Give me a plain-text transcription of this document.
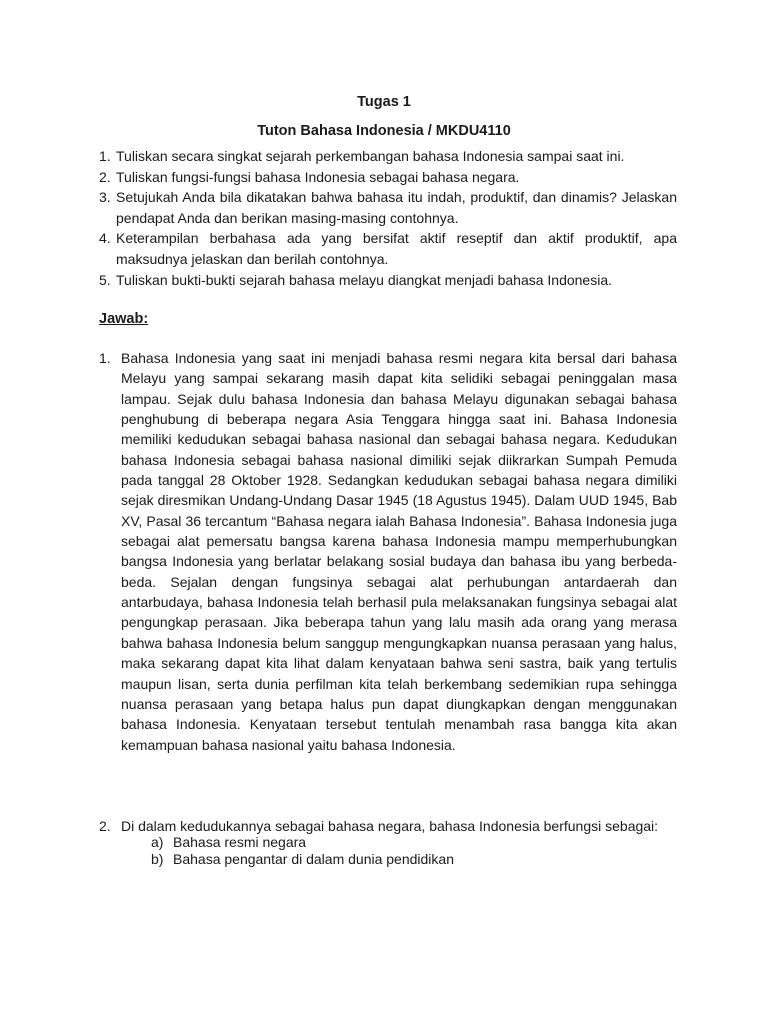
Tugas 1
Tuton Bahasa Indonesia / MKDU4110
1. Tuliskan secara singkat sejarah perkembangan bahasa Indonesia sampai saat ini.
2. Tuliskan fungsi-fungsi bahasa Indonesia sebagai bahasa negara.
3. Setujukah Anda bila dikatakan bahwa bahasa itu indah, produktif, dan dinamis? Jelaskan pendapat Anda dan berikan masing-masing contohnya.
4. Keterampilan berbahasa ada yang bersifat aktif reseptif dan aktif produktif, apa maksudnya jelaskan dan berilah contohnya.
5. Tuliskan bukti-bukti sejarah bahasa melayu diangkat menjadi bahasa Indonesia.
Jawab:
1. Bahasa Indonesia yang saat ini menjadi bahasa resmi negara kita bersal dari bahasa Melayu yang sampai sekarang masih dapat kita selidiki sebagai peninggalan masa lampau. Sejak dulu bahasa Indonesia dan bahasa Melayu digunakan sebagai bahasa penghubung di beberapa negara Asia Tenggara hingga saat ini. Bahasa Indonesia memiliki kedudukan sebagai bahasa nasional dan sebagai bahasa negara. Kedudukan bahasa Indonesia sebagai bahasa nasional dimiliki sejak diikrarkan Sumpah Pemuda pada tanggal 28 Oktober 1928. Sedangkan kedudukan sebagai bahasa negara dimiliki sejak diresmikan Undang-Undang Dasar 1945 (18 Agustus 1945). Dalam UUD 1945, Bab XV, Pasal 36 tercantum “Bahasa negara ialah Bahasa Indonesia”. Bahasa Indonesia juga sebagai alat pemersatu bangsa karena bahasa Indonesia mampu memperhubungkan bangsa Indonesia yang berlatar belakang sosial budaya dan bahasa ibu yang berbeda-beda. Sejalan dengan fungsinya sebagai alat perhubungan antardaerah dan antarbudaya, bahasa Indonesia telah berhasil pula melaksanakan fungsinya sebagai alat pengungkap perasaan. Jika beberapa tahun yang lalu masih ada orang yang merasa bahwa bahasa Indonesia belum sanggup mengungkapkan nuansa perasaan yang halus, maka sekarang dapat kita lihat dalam kenyataan bahwa seni sastra, baik yang tertulis maupun lisan, serta dunia perfilman kita telah berkembang sedemikian rupa sehingga nuansa perasaan yang betapa halus pun dapat diungkapkan dengan menggunakan bahasa Indonesia. Kenyataan tersebut tentulah menambah rasa bangga kita akan kemampuan bahasa nasional yaitu bahasa Indonesia.
2. Di dalam kedudukannya sebagai bahasa negara, bahasa Indonesia berfungsi sebagai:
a) Bahasa resmi negara
b) Bahasa pengantar di dalam dunia pendidikan
